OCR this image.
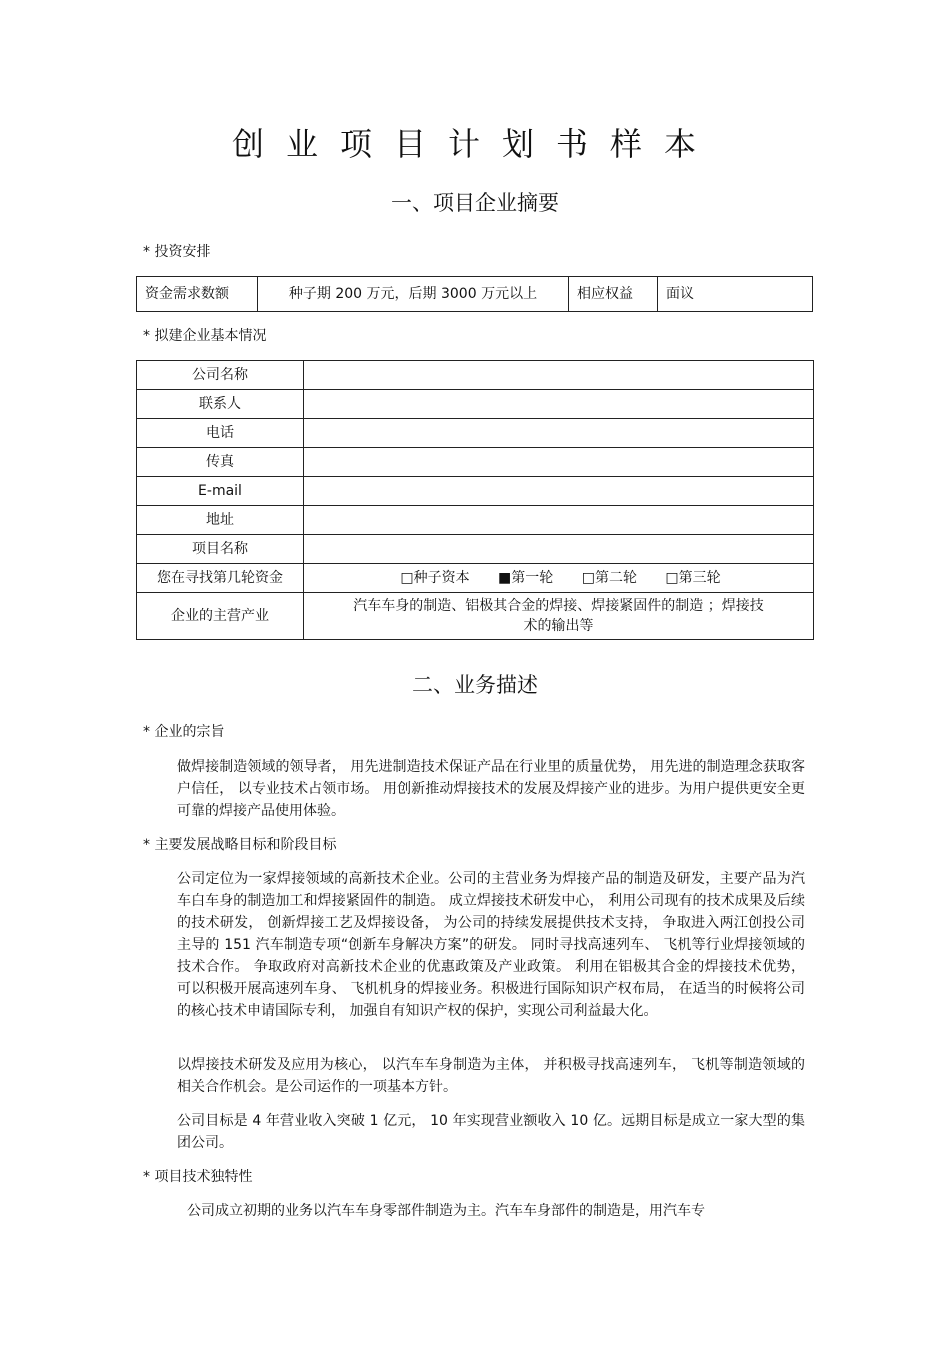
创业项目计划书样本
一、项目企业摘要
* 投资安排
资金需求数额	种子期 200 万元，后期 3000 万元以上	相应权益	面议
* 拟建企业基本情况
公司名称	
联系人	
电话	
传真	
E-mail	
地址	
项目名称	
您在寻找第几轮资金	□种子资本 ■第一轮 □第二轮 □第三轮
企业的主营产业	汽车车身的制造、铝极其合金的焊接、焊接紧固件的制造 ；焊接技
术的输出等
二、业务描述
* 企业的宗旨
做焊接制造领域的领导者， 用先进制造技术保证产品在行业里的质量优势， 用先进的制造理念获取客户信任， 以专业技术占领市场。 用创新推动焊接技术的发展及焊接产业的进步。为用户提供更安全更可靠的焊接产品使用体验。
* 主要发展战略目标和阶段目标
公司定位为一家焊接领域的高新技术企业。公司的主营业务为焊接产品的制造及研发，主要产品为汽车白车身的制造加工和焊接紧固件的制造。 成立焊接技术研发中心， 利用公司现有的技术成果及后续的技术研发， 创新焊接工艺及焊接设备， 为公司的持续发展提供技术支持， 争取进入两江创投公司主导的 151 汽车制造专项“创新车身解决方案”的研发。 同时寻找高速列车、 飞机等行业焊接领域的技术合作。 争取政府对高新技术企业的优惠政策及产业政策。 利用在铝极其合金的焊接技术优势， 可以积极开展高速列车身、 飞机机身的焊接业务。积极进行国际知识产权布局， 在适当的时候将公司的核心技术申请国际专利， 加强自有知识产权的保护，实现公司利益最大化。
以焊接技术研发及应用为核心， 以汽车车身制造为主体， 并积极寻找高速列车， 飞机等制造领域的相关合作机会。是公司运作的一项基本方针。
公司目标是 4 年营业收入突破 1 亿元， 10 年实现营业额收入 10 亿。远期目标是成立一家大型的集团公司。
* 项目技术独特性
公司成立初期的业务以汽车车身零部件制造为主。汽车车身部件的制造是，用汽车专
